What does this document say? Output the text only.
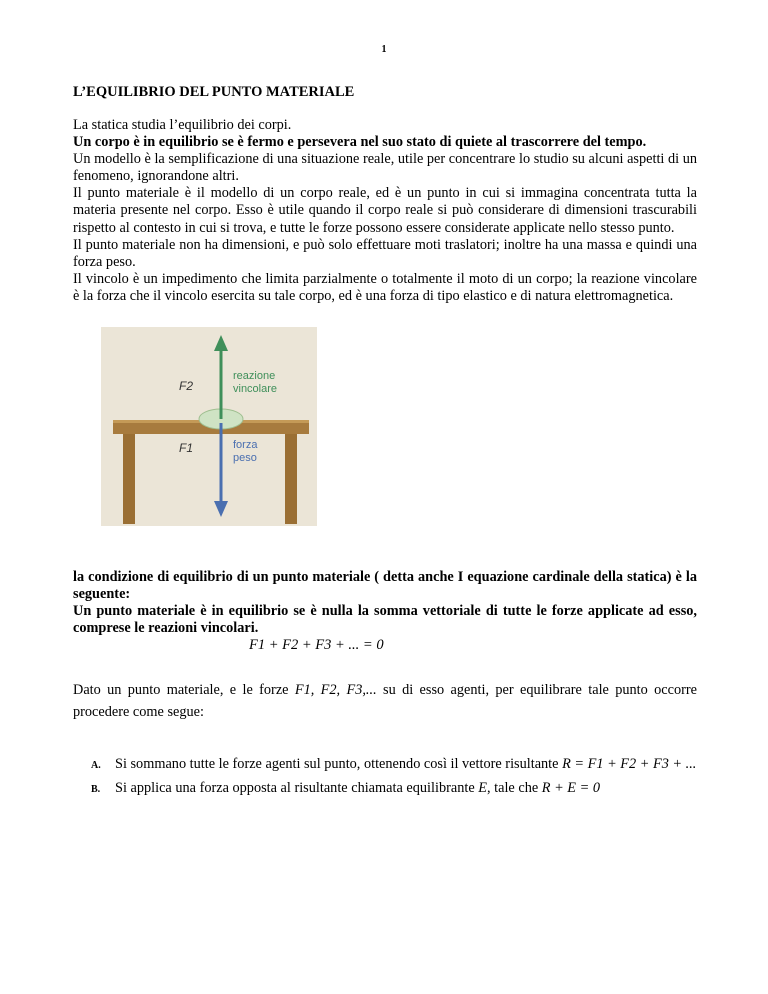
1
L’EQUILIBRIO DEL PUNTO MATERIALE

La statica studia l’equilibrio dei corpi.

Un corpo è in equilibrio se è fermo e persevera nel suo stato di quiete al trascorrere del tempo.

Un modello è la semplificazione di una situazione reale, utile per concentrare lo studio su alcuni aspetti di un fenomeno, ignorandone altri.

Il punto materiale è il modello di un corpo reale, ed è un punto in cui si immagina concentrata tutta la materia presente nel corpo. Esso è utile quando il corpo reale si può considerare di dimensioni trascurabili rispetto al contesto in cui si trova, e tutte le forze possono essere considerate applicate nello stesso punto.

Il punto materiale non ha dimensioni, e può solo effettuare moti traslatori; inoltre ha una massa e quindi una forza peso.

Il vincolo è un impedimento che limita parzialmente o totalmente il moto di un corpo; la reazione vincolare è la forza che il vincolo esercita su tale corpo, ed è una forza di tipo elastico e di natura elettromagnetica.

F2
F1
reazione
vincolare
forza
peso

la condizione di equilibrio di un punto materiale ( detta anche I equazione cardinale della statica) è la seguente:

Un punto materiale è in equilibrio se è nulla la somma vettoriale di tutte le forze applicate ad esso, comprese le reazioni vincolari.

F1 + F2 + F3 + ... = 0
Dato un punto materiale, e le forze F1, F2, F3,... su di esso agenti, per equilibrare tale punto occorre procedere come segue:
A. Si sommano tutte le forze agenti sul punto, ottenendo così il vettore risultante R = F1 + F2 + F3 + ...
B.	Si applica una forza opposta al risultante chiamata equilibrante E, tale che R + E = 0
